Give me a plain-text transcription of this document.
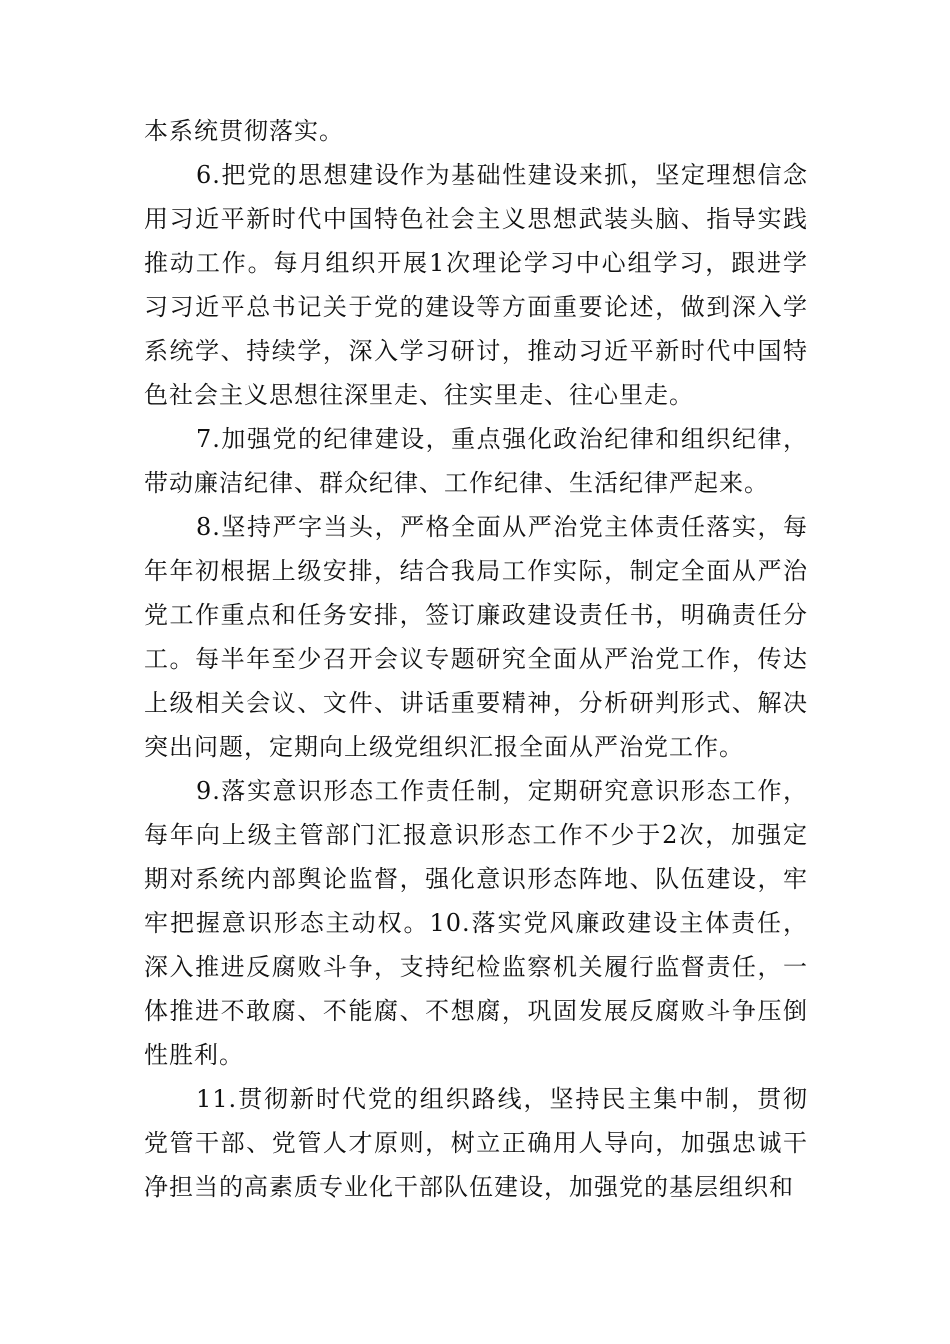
本系统贯彻落实。

6.把党的思想建设作为基础性建设来抓，坚定理想信念用习近平新时代中国特色社会主义思想武装头脑、指导实践推动工作。每月组织开展1次理论学习中心组学习，跟进学习习近平总书记关于党的建设等方面重要论述，做到深入学系统学、持续学，深入学习研讨，推动习近平新时代中国特色社会主义思想往深里走、往实里走、往心里走。

7.加强党的纪律建设，重点强化政治纪律和组织纪律，带动廉洁纪律、群众纪律、工作纪律、生活纪律严起来。

8.坚持严字当头，严格全面从严治党主体责任落实，每年年初根据上级安排，结合我局工作实际，制定全面从严治党工作重点和任务安排，签订廉政建设责任书，明确责任分工。每半年至少召开会议专题研究全面从严治党工作，传达上级相关会议、文件、讲话重要精神，分析研判形式、解决突出问题，定期向上级党组织汇报全面从严治党工作。

9.落实意识形态工作责任制，定期研究意识形态工作，每年向上级主管部门汇报意识形态工作不少于2次，加强定期对系统内部舆论监督，强化意识形态阵地、队伍建设，牢牢把握意识形态主动权。10.落实党风廉政建设主体责任，深入推进反腐败斗争，支持纪检监察机关履行监督责任，一体推进不敢腐、不能腐、不想腐，巩固发展反腐败斗争压倒性胜利。

11.贯彻新时代党的组织路线，坚持民主集中制，贯彻党管干部、党管人才原则，树立正确用人导向，加强忠诚干净担当的高素质专业化干部队伍建设，加强党的基层组织和
